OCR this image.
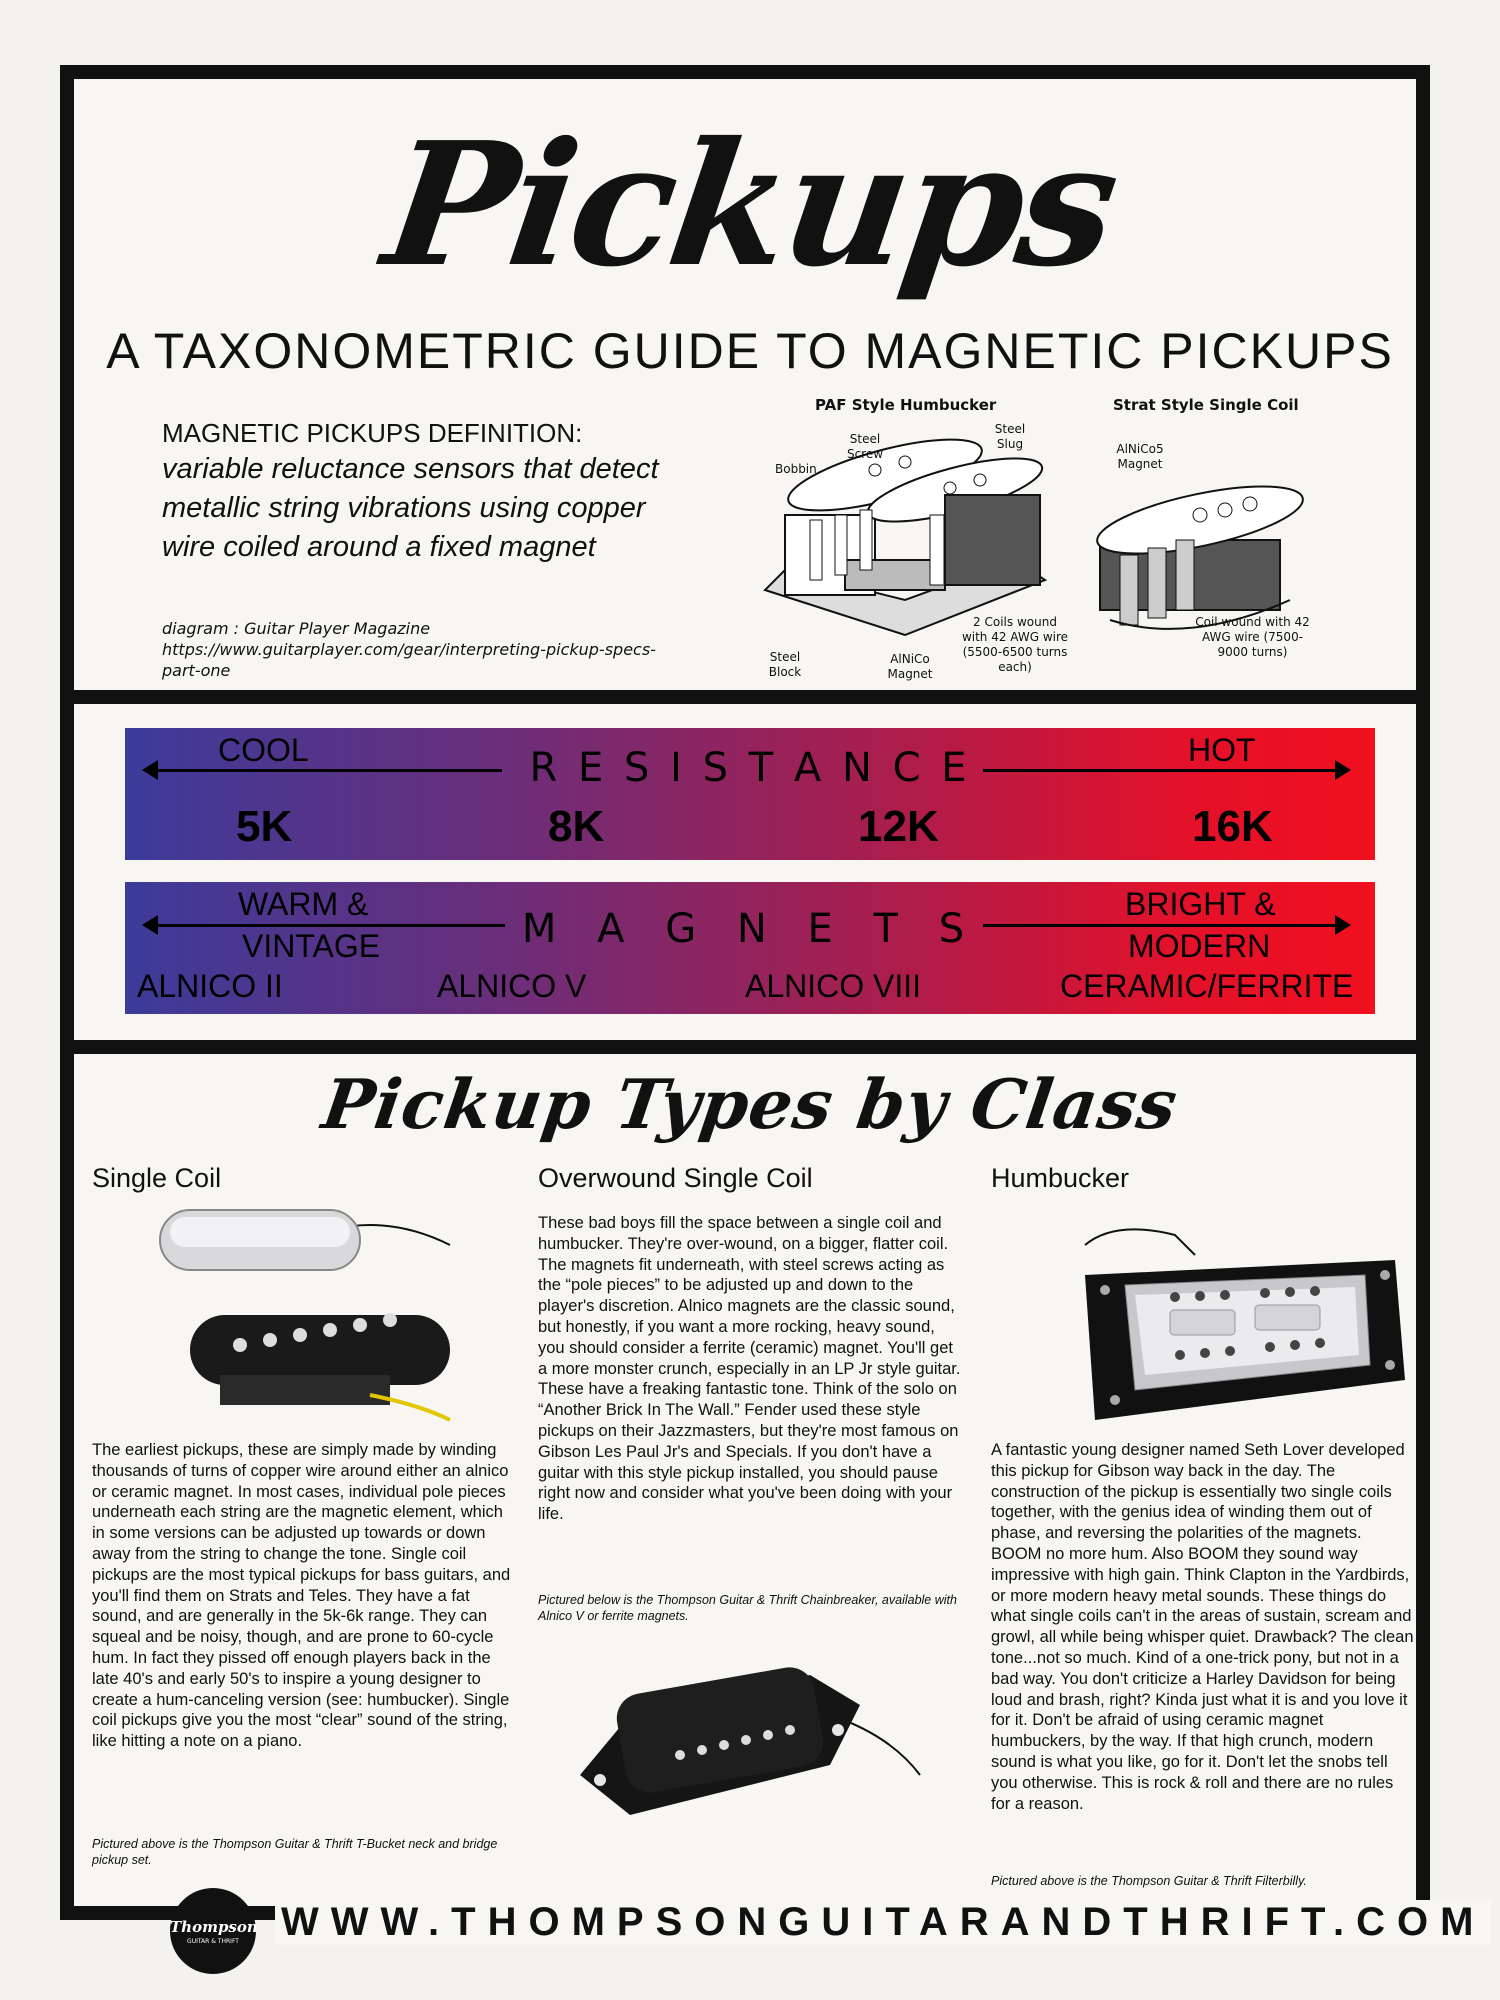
Pickups
A TAXONOMETRIC GUIDE TO MAGNETIC PICKUPS
MAGNETIC PICKUPS DEFINITION:
variable reluctance sensors that detect metallic string vibrations using copper wire coiled around a fixed magnet
diagram : Guitar Player Magazine
https://www.guitarplayer.com/gear/interpreting-pickup-specs-part-one
PAF Style Humbucker	Strat Style Single Coil
Bobbin
Steel Screw
Steel Slug
Steel Block
AlNiCo Magnet
2 Coils wound with 42 AWG wire (5500-6500 turns each)
AlNiCo5 Magnet
Coil wound with 42 AWG wire (7500-9000 turns)
COOL	HOT
R E S I S T A N C E
5K	8K	12K	16K
WARM &
VINTAGE
BRIGHT &
MODERN
M A G N E T S
ALNICO II	ALNICO V	ALNICO VIII	CERAMIC/FERRITE
Pickup Types by Class
Single Coil
The earliest pickups, these are simply made by winding thousands of turns of copper wire around either an alnico or ceramic magnet. In most cases, individual pole pieces underneath each string are the magnetic element, which in some versions can be adjusted up towards or down away from the string to change the tone. Single coil pickups are the most typical pickups for bass guitars, and you'll find them on Strats and Teles. They have a fat sound, and are generally in the 5k-6k range. They can squeal and be noisy, though, and are prone to 60-cycle hum. In fact they pissed off enough players back in the late 40's and early 50's to inspire a young designer to create a hum-canceling version (see: humbucker). Single coil pickups give you the most “clear” sound of the string, like hitting a note on a piano.
Pictured above is the Thompson Guitar & Thrift T-Bucket neck and bridge pickup set.
Overwound Single Coil
These bad boys fill the space between a single coil and humbucker. They're over-wound, on a bigger, flatter coil. The magnets fit underneath, with steel screws acting as the “pole pieces” to be adjusted up and down to the player's discretion. Alnico magnets are the classic sound, but honestly, if you want a more rocking, heavy sound, you should consider a ferrite (ceramic) magnet. You'll get a more monster crunch, especially in an LP Jr style guitar. These have a freaking fantastic tone. Think of the solo on “Another Brick In The Wall.” Fender used these style pickups on their Jazzmasters, but they're most famous on Gibson Les Paul Jr's and Specials. If you don't have a guitar with this style pickup installed, you should pause right now and consider what you've been doing with your life.
Pictured below is the Thompson Guitar & Thrift Chainbreaker, available with Alnico V or ferrite magnets.
Humbucker
A fantastic young designer named Seth Lover developed this pickup for Gibson way back in the day. The construction of the pickup is essentially two single coils together, with the genius idea of winding them out of phase, and reversing the polarities of the magnets. BOOM no more hum. Also BOOM they sound way impressive with high gain. Think Clapton in the Yardbirds, or more modern heavy metal sounds. These things do what single coils can't in the areas of sustain, scream and growl, all while being whisper quiet. Drawback? The clean tone...not so much. Kind of a one-trick pony, but not in a bad way. You don't criticize a Harley Davidson for being loud and brash, right? Kinda just what it is and you love it for it. Don't be afraid of using ceramic magnet humbuckers, by the way. If that high crunch, modern sound is what you like, go for it. Don't let the snobs tell you otherwise. This is rock & roll and there are no rules for a reason.
Pictured above is the Thompson Guitar & Thrift Filterbilly.
Thompson
GUITAR & THRIFT	WWW.THOMPSONGUITARANDTHRIFT.COM
